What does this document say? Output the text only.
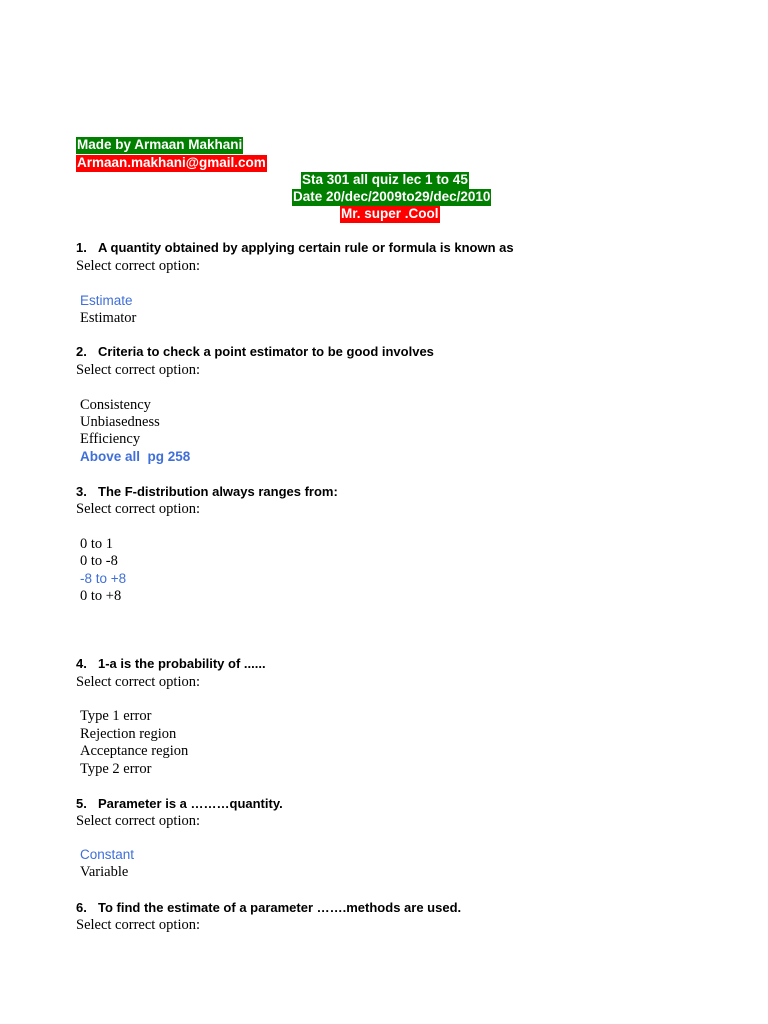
Made by Armaan Makhani
Armaan.makhani@gmail.com
Sta 301 all quiz lec 1 to 45
Date 20/dec/2009to29/dec/2010
Mr. super .Cool
1. A quantity obtained by applying certain rule or formula is known as
Select correct option:
Estimate
Estimator
2. Criteria to check a point estimator to be good involves
Select correct option:
Consistency
Unbiasedness
Efficiency
Above all  pg 258
3. The F-distribution always ranges from:
Select correct option:
0 to 1
0 to -8
-8 to +8
0 to +8
4. 1-a is the probability of ......
Select correct option:
Type 1 error
Rejection region
Acceptance region
Type 2 error
5. Parameter is a ………quantity.
Select correct option:
Constant
Variable
6. To find the estimate of a parameter …….methods are used.
Select correct option:
